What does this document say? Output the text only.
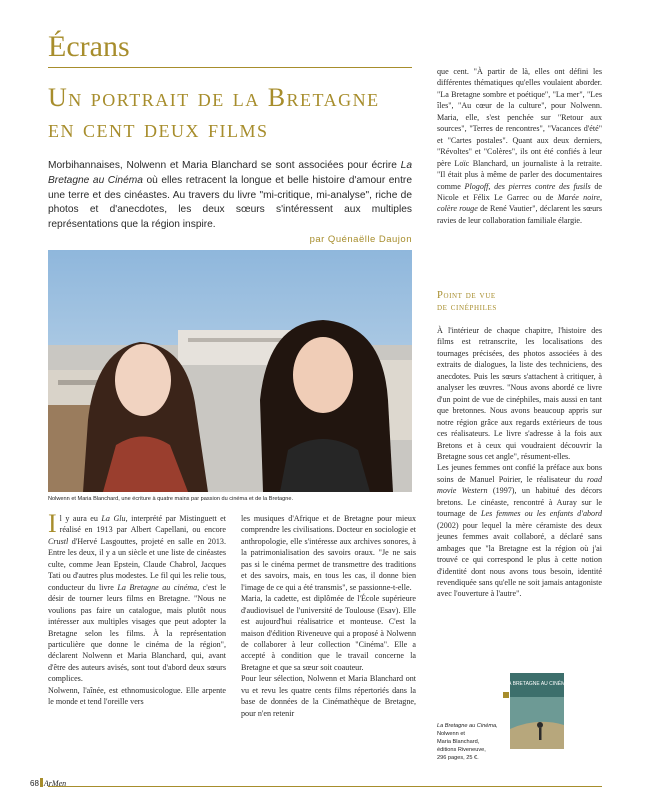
Écrans
Un portrait de la Bretagne
en cent deux films
Morbihannaises, Nolwenn et Maria Blanchard se sont associées pour écrire La Bretagne au Cinéma où elles retracent la longue et belle histoire d'amour entre une terre et des cinéastes. Au travers du livre "mi-critique, mi-analyse", riche de photos et d'anecdotes, les deux sœurs s'intéressent aux multiples représentations que la région inspire.
par Quénaëlle Daujon
Nolwenn et Maria Blanchard, une écriture à quatre mains par passion du cinéma et de la Bretagne.

Il y aura eu La Glu, interprété par Mistinguett et réalisé en 1913 par Albert Capellani, ou encore Crustl d'Hervé Lasgouttes, projeté en salle en 2013. Entre les deux, il y a un siècle et une liste de cinéastes culte, comme Jean Epstein, Claude Chabrol, Jacques Tati ou d'autres plus modestes. Le fil qui les relie tous, conducteur du livre La Bretagne au cinéma, c'est le désir de tourner leurs films en Bretagne. "Nous ne voulions pas faire un catalogue, mais plutôt nous intéresser aux multiples visages que peut adopter la Bretagne selon les films. À la représentation particulière que donne le cinéma de la région", déclarent Nolwenn et Maria Blanchard, qui, avant d'être des auteurs avisés, sont tout d'abord deux sœurs complices.

Nolwenn, l'aînée, est ethnomusicologue. Elle arpente le monde et tend l'oreille vers

les musiques d'Afrique et de Bretagne pour mieux comprendre les civilisations. Docteur en sociologie et anthropologie, elle s'intéresse aux archives sonores, à la patrimonialisation des savoirs oraux. "Je ne sais pas si le cinéma permet de transmettre des traditions et des savoirs, mais, en tous les cas, il donne bien l'image de ce qui a été transmis", se passionne-t-elle.

Maria, la cadette, est diplômée de l'École supérieure d'audiovisuel de l'université de Toulouse (Esav). Elle est aujourd'hui réalisatrice et monteuse. C'est la maison d'édition Riveneuve qui a proposé à Nolwenn de collaborer à leur collection "Cinéma". Elle a accepté à condition que le travail concerne la Bretagne et que sa sœur soit coauteur.

Pour leur sélection, Nolwenn et Maria Blanchard ont vu et revu les quatre cents films répertoriés dans la base de données de la Cinémathèque de Bretagne, pour n'en retenir

que cent. "À partir de là, elles ont défini les différentes thématiques qu'elles voulaient aborder. "La Bretagne sombre et poétique", "La mer", "Les îles", "Au cœur de la culture", pour Nolwenn. Maria, elle, s'est penchée sur "Retour aux sources", "Terres de rencontres", "Vacances d'été" et "Cartes postales". Quant aux deux derniers, "Révoltes" et "Colères", ils ont été confiés à leur père Loïc Blanchard, un journaliste à la retraite. "Il était plus à même de parler des documentaires comme Plogoff, des pierres contre des fusils de Nicole et Félix Le Garrec ou de Marée noire, colère rouge de René Vautier", déclarent les sœurs ravies de leur collaboration familiale élargie.

Point de vue
de cinéphiles

À l'intérieur de chaque chapitre, l'histoire des films est retranscrite, les localisations des tournages précisées, des photos associées à des extraits de dialogues, la liste des techniciens, des anecdotes. Puis les sœurs s'attachent à critiquer, à analyser les œuvres. "Nous avons abordé ce livre d'un point de vue de cinéphiles, mais aussi en tant que bretonnes. Nous avons beaucoup appris sur notre région grâce aux regards extérieurs de tous ces réalisateurs. Le livre s'adresse à la fois aux Bretons et à ceux qui voudraient découvrir la Bretagne sous cet angle", résument-elles.

Les jeunes femmes ont confié la préface aux bons soins de Manuel Poirier, le réalisateur du road movie Western (1997), un habitué des décors bretons. Le cinéaste, rencontré à Auray sur le tournage de Les femmes ou les enfants d'abord (2002) pour lequel la mère céramiste des deux jeunes femmes avait collaboré, a déclaré sans ambages que "la Bretagne est la région où j'ai trouvé ce qui correspond le plus à cette notion d'identité dont nous avons tous besoin, identité revendiquée sans qu'elle ne soit jamais antagoniste avec l'ouverture à l'autre".

LA BRETAGNE AU CINÉMA
La Bretagne au Cinéma,
Nolwenn et
Maria Blanchard,
éditions Riveneuve,
296 pages, 25 €.
68 ArMen
